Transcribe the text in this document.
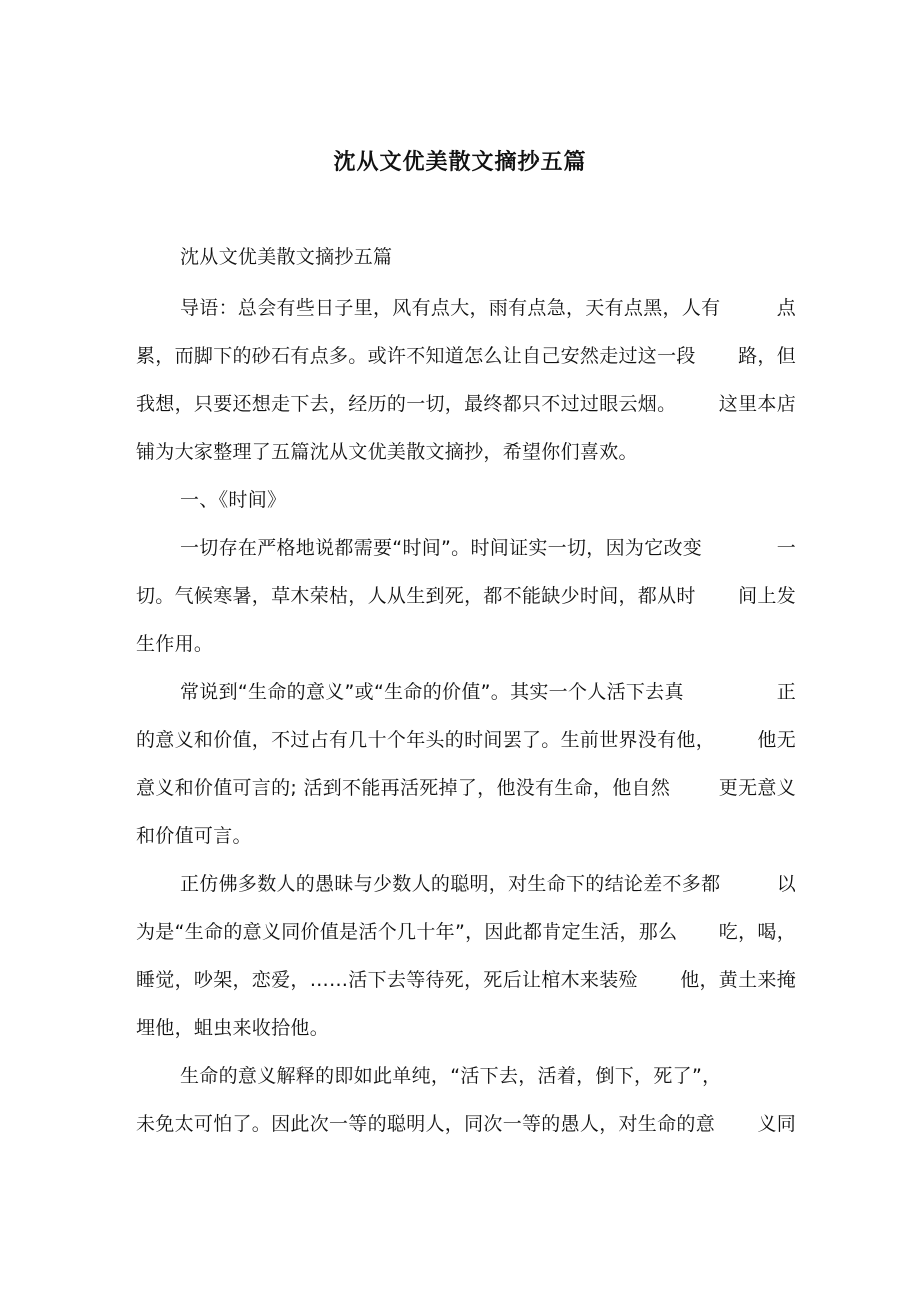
沈从文优美散文摘抄五篇
沈从文优美散文摘抄五篇
导语：总会有些日子里，风有点大，雨有点急，天有点黑，人有	点
累，而脚下的砂石有点多。或许不知道怎么让自己安然走过这一段 路，但
我想，只要还想走下去，经历的一切，最终都只不过过眼云烟。 这里本店
铺为大家整理了五篇沈从文优美散文摘抄，希望你们喜欢。
一、《时间》
一切存在严格地说都需要“时间”。时间证实一切，因为它改变	一
切。气候寒暑，草木荣枯，人从生到死，都不能缺少时间，都从时 间上发
生作用。
常说到“生命的意义”或“生命的价值”。其实一个人活下去真	正
的意义和价值，不过占有几十个年头的时间罢了。生前世界没有他， 他无
意义和价值可言的; 活到不能再活死掉了，他没有生命，他自然	更无意义
和价值可言。
正仿佛多数人的愚昧与少数人的聪明，对生命下的结论差不多都	以
为是“生命的意义同价值是活个几十年”，因此都肯定生活，那么 吃，喝，
睡觉，吵架，恋爱，……活下去等待死，死后让棺木来装殓 他，黄土来掩
埋他，蛆虫来收拾他。
生命的意义解释的即如此单纯，“活下去，活着，倒下，死了”，
未免太可怕了。因此次一等的聪明人，同次一等的愚人，对生命的意 义同
